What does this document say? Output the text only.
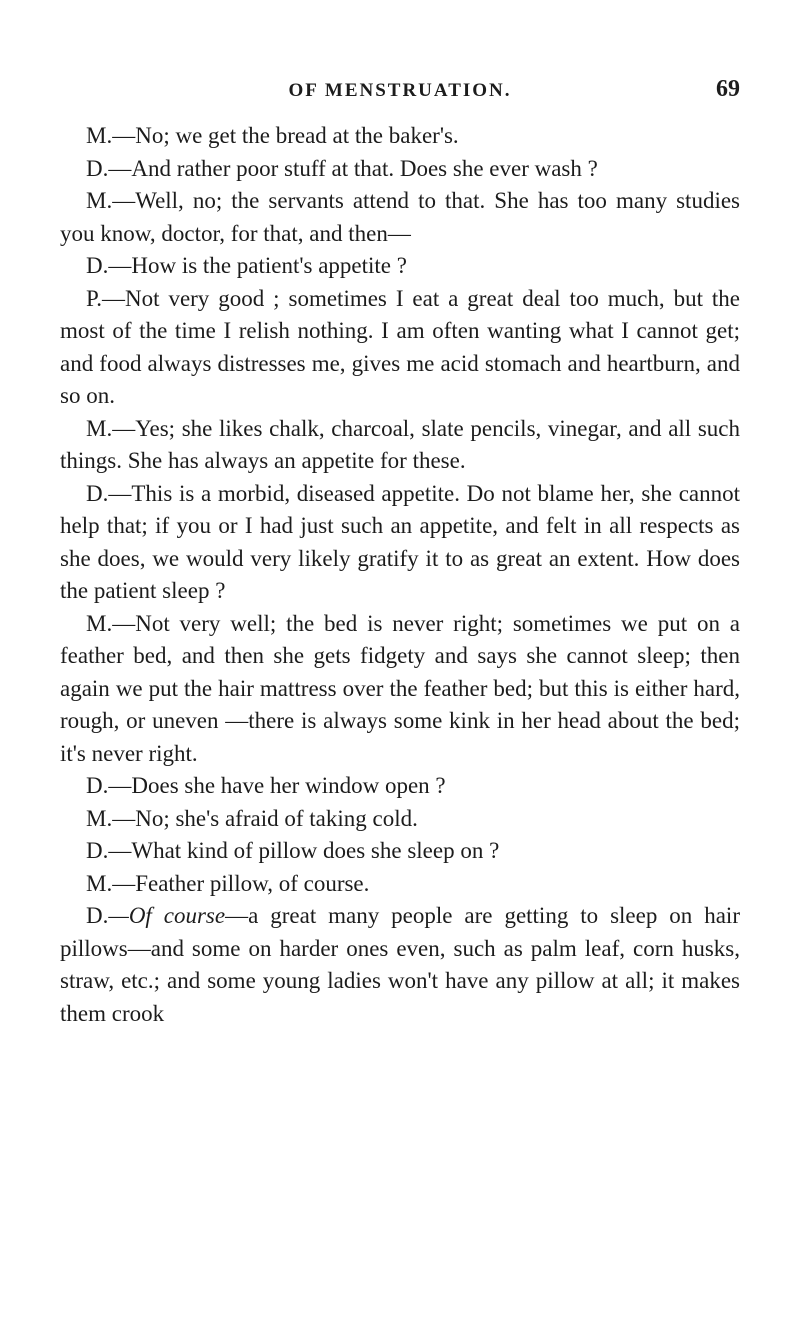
OF MENSTRUATION.	69

M.—No; we get the bread at the baker's.

D.—And rather poor stuff at that. Does she ever wash ?

M.—Well, no; the servants attend to that. She has too many studies you know, doctor, for that, and then—

D.—How is the patient's appetite ?

P.—Not very good ; sometimes I eat a great deal too much, but the most of the time I relish nothing. I am often wanting what I cannot get; and food always distresses me, gives me acid stomach and heartburn, and so on.

M.—Yes; she likes chalk, charcoal, slate pencils, vinegar, and all such things. She has always an appetite for these.

D.—This is a morbid, diseased appetite. Do not blame her, she cannot help that; if you or I had just such an appetite, and felt in all respects as she does, we would very likely gratify it to as great an extent. How does the patient sleep ?

M.—Not very well; the bed is never right; sometimes we put on a feather bed, and then she gets fidgety and says she cannot sleep; then again we put the hair mattress over the feather bed; but this is either hard, rough, or uneven —there is always some kink in her head about the bed; it's never right.

D.—Does she have her window open ?

M.—No; she's afraid of taking cold.

D.—What kind of pillow does she sleep on ?

M.—Feather pillow, of course.

D.—Of course—a great many people are getting to sleep on hair pillows—and some on harder ones even, such as palm leaf, corn husks, straw, etc.; and some young ladies won't have any pillow at all; it makes them crook
